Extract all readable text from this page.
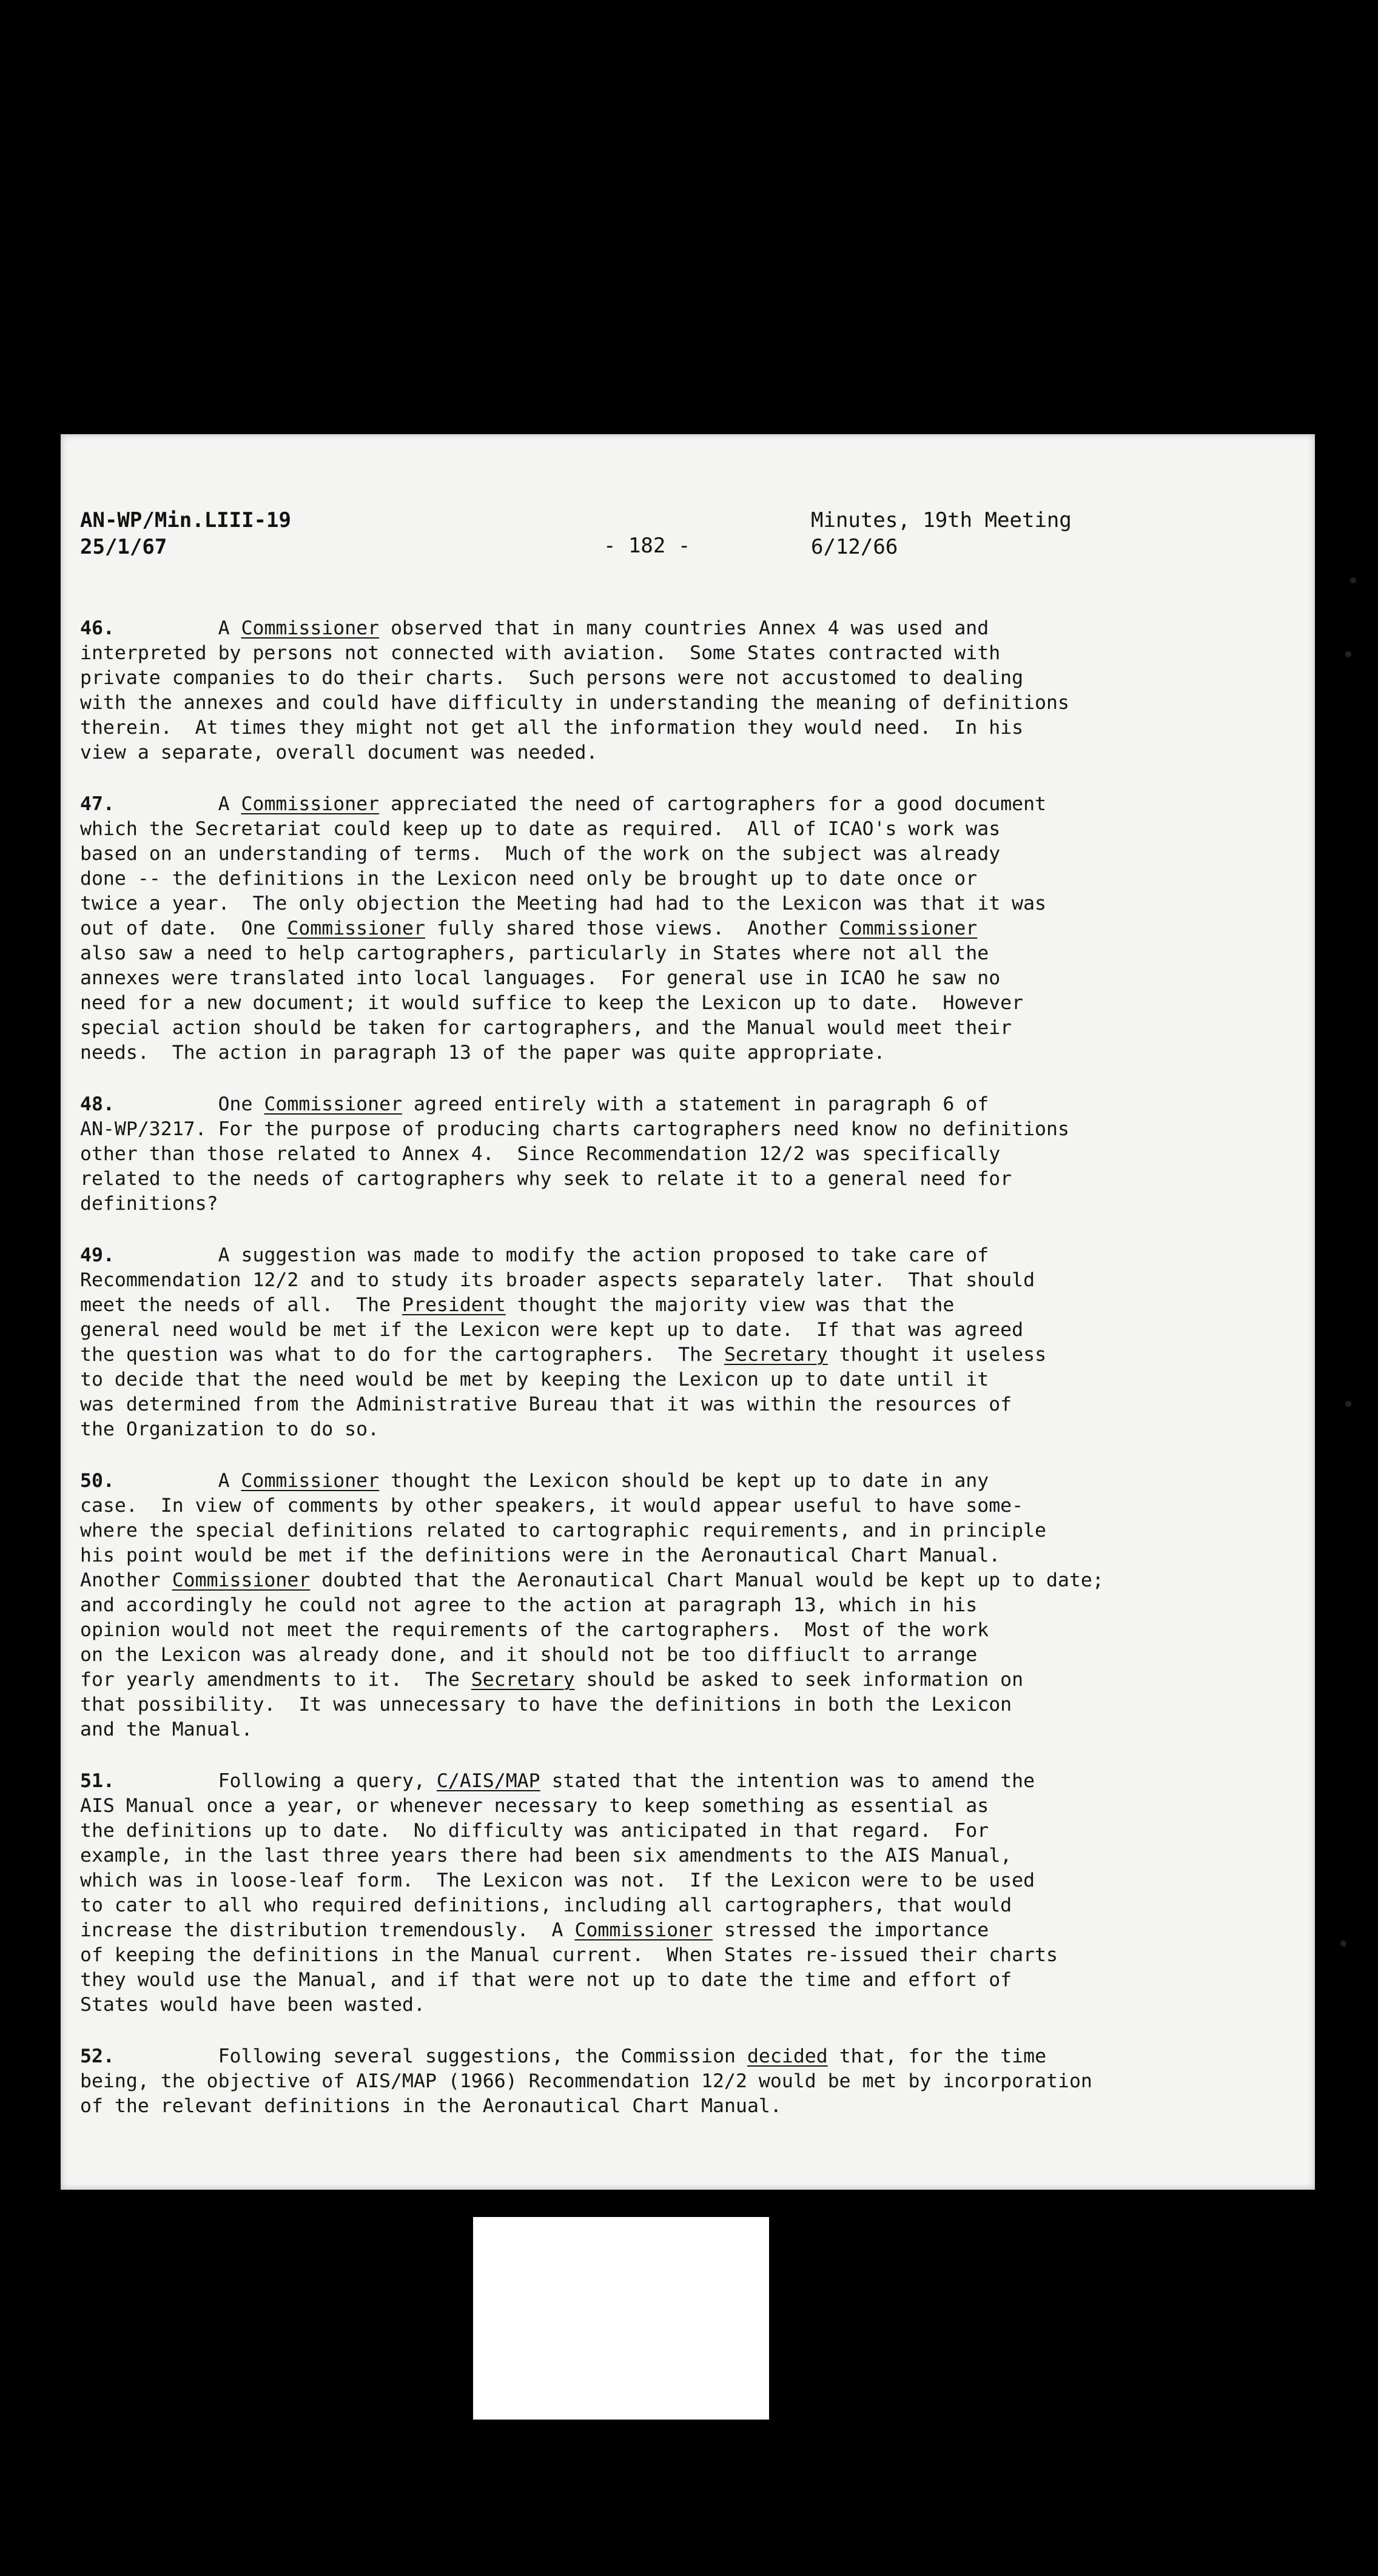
AN-WP/Min.LIII-19
25/1/67	- 182 -
Minutes, 19th Meeting
6/12/66
46.         A Commissioner observed that in many countries Annex 4 was used and
interpreted by persons not connected with aviation.  Some States contracted with
private companies to do their charts.  Such persons were not accustomed to dealing
with the annexes and could have difficulty in understanding the meaning of definitions
therein.  At times they might not get all the information they would need.  In his
view a separate, overall document was needed.
47.         A Commissioner appreciated the need of cartographers for a good document
which the Secretariat could keep up to date as required.  All of ICAO's work was
based on an understanding of terms.  Much of the work on the subject was already
done -- the definitions in the Lexicon need only be brought up to date once or
twice a year.  The only objection the Meeting had had to the Lexicon was that it was
out of date.  One Commissioner fully shared those views.  Another Commissioner
also saw a need to help cartographers, particularly in States where not all the
annexes were translated into local languages.  For general use in ICAO he saw no
need for a new document; it would suffice to keep the Lexicon up to date.  However
special action should be taken for cartographers, and the Manual would meet their
needs.  The action in paragraph 13 of the paper was quite appropriate.
48.         One Commissioner agreed entirely with a statement in paragraph 6 of
AN-WP/3217. For the purpose of producing charts cartographers need know no definitions
other than those related to Annex 4.  Since Recommendation 12/2 was specifically
related to the needs of cartographers why seek to relate it to a general need for
definitions?
49.         A suggestion was made to modify the action proposed to take care of
Recommendation 12/2 and to study its broader aspects separately later.  That should
meet the needs of all.  The President thought the majority view was that the
general need would be met if the Lexicon were kept up to date.  If that was agreed
the question was what to do for the cartographers.  The Secretary thought it useless
to decide that the need would be met by keeping the Lexicon up to date until it
was determined from the Administrative Bureau that it was within the resources of
the Organization to do so.
50.         A Commissioner thought the Lexicon should be kept up to date in any
case.  In view of comments by other speakers, it would appear useful to have some-
where the special definitions related to cartographic requirements, and in principle
his point would be met if the definitions were in the Aeronautical Chart Manual.
Another Commissioner doubted that the Aeronautical Chart Manual would be kept up to date;
and accordingly he could not agree to the action at paragraph 13, which in his
opinion would not meet the requirements of the cartographers.  Most of the work
on the Lexicon was already done, and it should not be too diffiuclt to arrange
for yearly amendments to it.  The Secretary should be asked to seek information on
that possibility.  It was unnecessary to have the definitions in both the Lexicon
and the Manual.
51.         Following a query, C/AIS/MAP stated that the intention was to amend the
AIS Manual once a year, or whenever necessary to keep something as essential as
the definitions up to date.  No difficulty was anticipated in that regard.  For
example, in the last three years there had been six amendments to the AIS Manual,
which was in loose-leaf form.  The Lexicon was not.  If the Lexicon were to be used
to cater to all who required definitions, including all cartographers, that would
increase the distribution tremendously.  A Commissioner stressed the importance
of keeping the definitions in the Manual current.  When States re-issued their charts
they would use the Manual, and if that were not up to date the time and effort of
States would have been wasted.
52.         Following several suggestions, the Commission decided that, for the time
being, the objective of AIS/MAP (1966) Recommendation 12/2 would be met by incorporation
of the relevant definitions in the Aeronautical Chart Manual.
